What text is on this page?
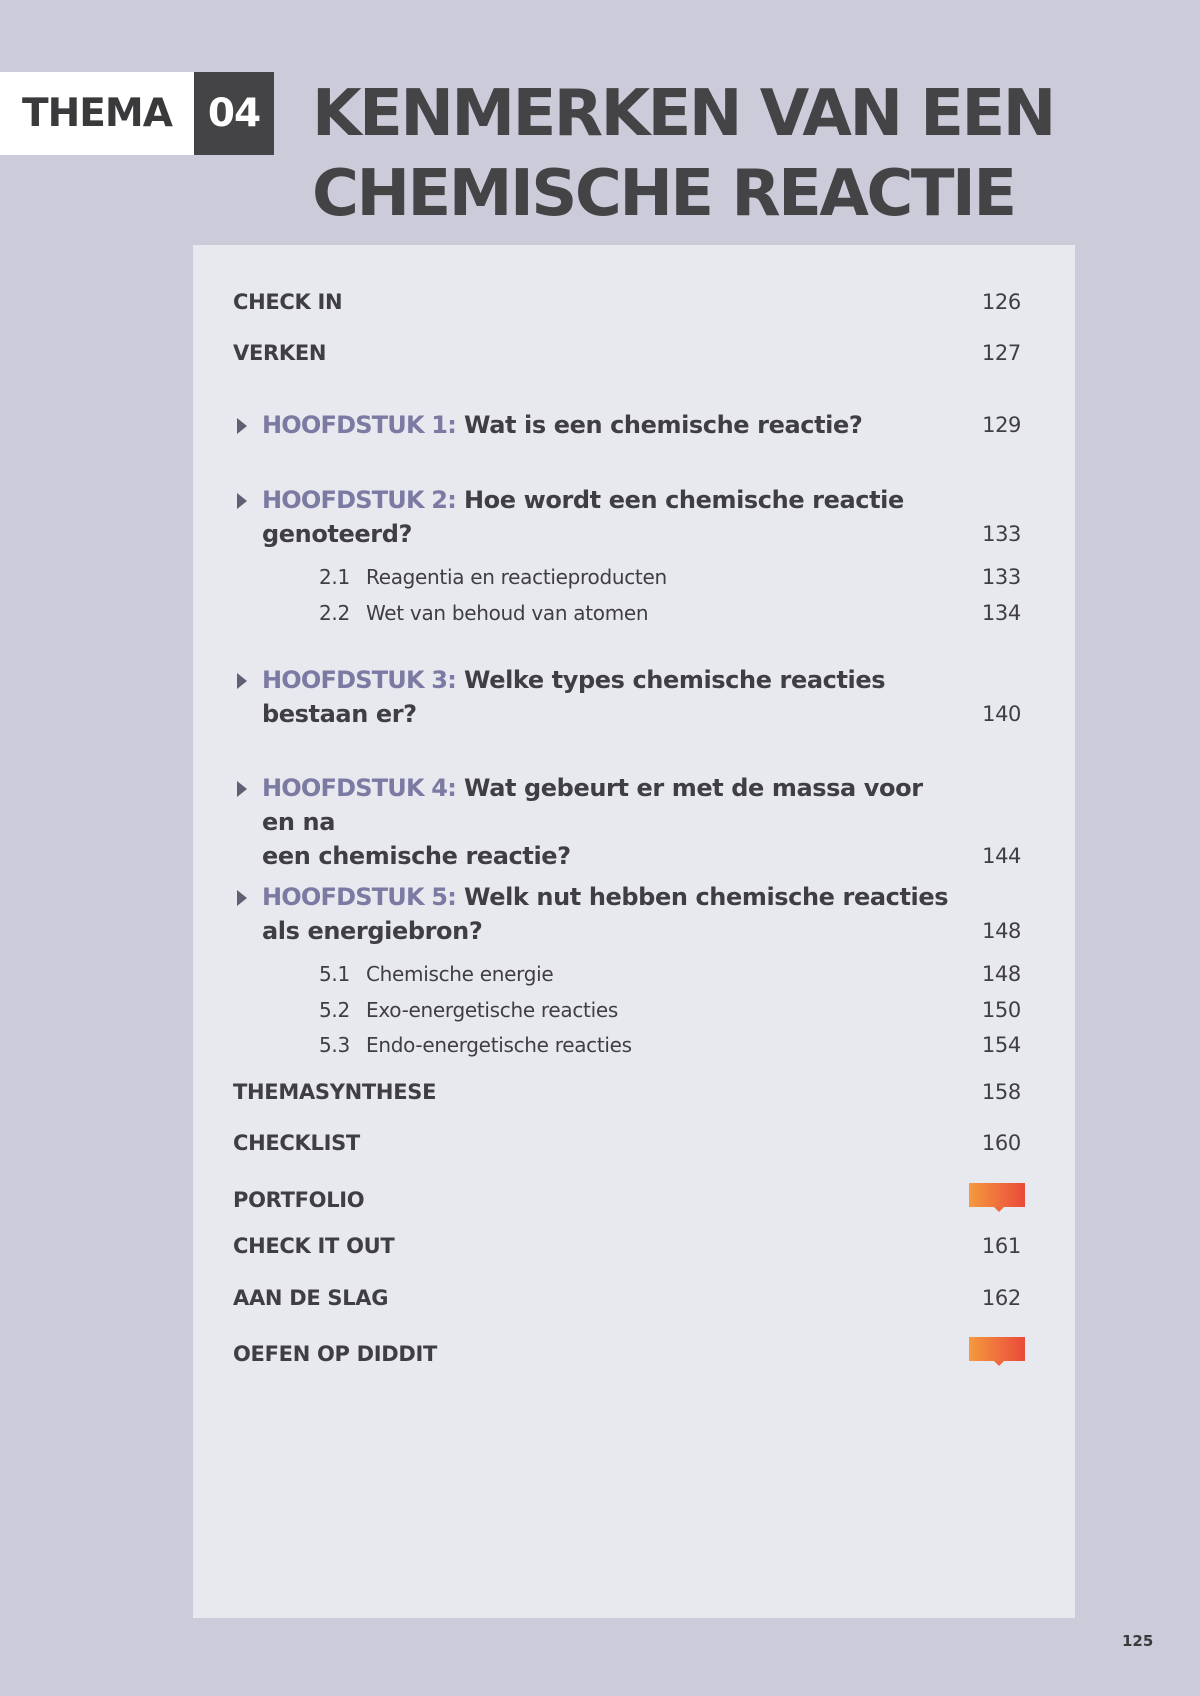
THEMA 04 KENMERKEN VAN EEN
CHEMISCHE REACTIE
CHECK IN	126
VERKEN	127
HOOFDSTUK 1: Wat is een chemische reactie?	129
HOOFDSTUK 2: Hoe wordt een chemische reactie
genoteerd?	133
2.1 Reagentia en reactieproducten	133
2.2 Wet van behoud van atomen	134
HOOFDSTUK 3: Welke types chemische reacties
bestaan er?	140
HOOFDSTUK 4: Wat gebeurt er met de massa voor en na
een chemische reactie?	144
HOOFDSTUK 5: Welk nut hebben chemische reacties
als energiebron?	148
5.1 Chemische energie	148
5.2 Exo-energetische reacties	150
5.3 Endo-energetische reacties	154
THEMASYNTHESE	158
CHECKLIST	160
PORTFOLIO
CHECK IT OUT	161
AAN DE SLAG	162
OEFEN OP DIDDIT
125
